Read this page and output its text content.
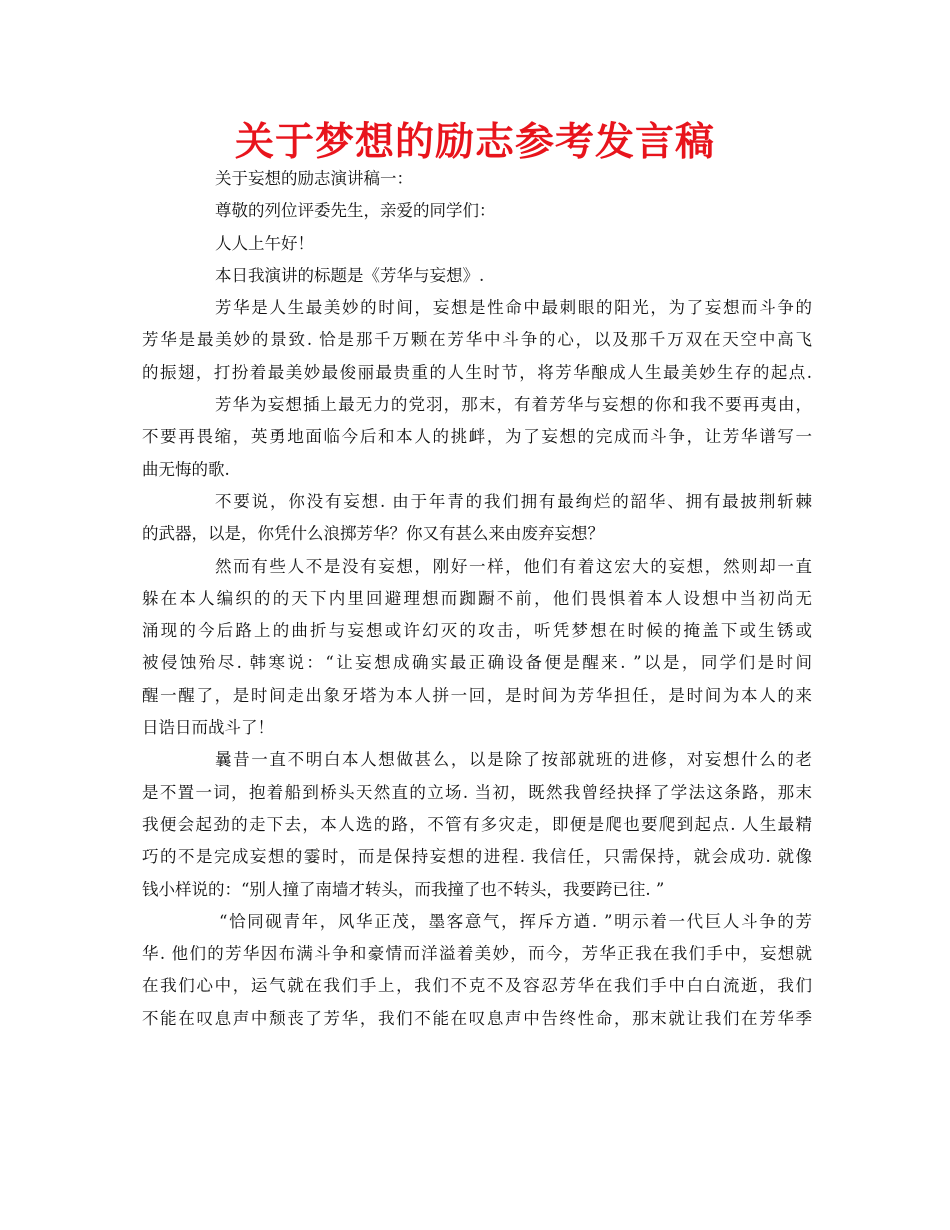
关于梦想的励志参考发言稿
关于妄想的励志演讲稿一：
尊敬的列位评委先生，亲爱的同学们：
人人上午好！
本日我演讲的标题是《芳华与妄想》.
芳华是人生最美妙的时间，妄想是性命中最刺眼的阳光，为了妄想而斗争的
芳华是最美妙的景致. 恰是那千万颗在芳华中斗争的心，以及那千万双在天空中高飞
的振翅，打扮着最美妙最俊丽最贵重的人生时节，将芳华酿成人生最美妙生存的起点.
芳华为妄想插上最无力的党羽，那末，有着芳华与妄想的你和我不要再夷由，
不要再畏缩，英勇地面临今后和本人的挑衅，为了妄想的完成而斗争，让芳华谱写一
曲无悔的歌.
不要说，你没有妄想. 由于年青的我们拥有最绚烂的韶华、拥有最披荆斩棘
的武器，以是，你凭什么浪掷芳华？你又有甚么来由废弃妄想？
然而有些人不是没有妄想，刚好一样，他们有着这宏大的妄想，然则却一直
躲在本人编织的的天下内里回避理想而踟蹰不前，他们畏惧着本人设想中当初尚无
涌现的今后路上的曲折与妄想或许幻灭的攻击，听凭梦想在时候的掩盖下或生锈或
被侵蚀殆尽. 韩寒说：“让妄想成确实最正确设备便是醒来. ”以是，同学们是时间
醒一醒了，是时间走出象牙塔为本人拼一回，是时间为芳华担任，是时间为本人的来
日诰日而战斗了！
曩昔一直不明白本人想做甚么，以是除了按部就班的进修，对妄想什么的老
是不置一词，抱着船到桥头天然直的立场. 当初，既然我曾经抉择了学法这条路，那末
我便会起劲的走下去，本人选的路，不管有多灾走，即便是爬也要爬到起点. 人生最精
巧的不是完成妄想的霎时，而是保持妄想的进程. 我信任，只需保持，就会成功. 就像
钱小样说的：“别人撞了南墙才转头，而我撞了也不转头，我要跨已往. ”
“恰同砚青年，风华正茂，墨客意气，挥斥方遒. ”明示着一代巨人斗争的芳
华. 他们的芳华因布满斗争和豪情而洋溢着美妙，而今，芳华正我在我们手中，妄想就
在我们心中，运气就在我们手上，我们不克不及容忍芳华在我们手中白白流逝，我们
不能在叹息声中颓丧了芳华，我们不能在叹息声中告终性命，那末就让我们在芳华季
